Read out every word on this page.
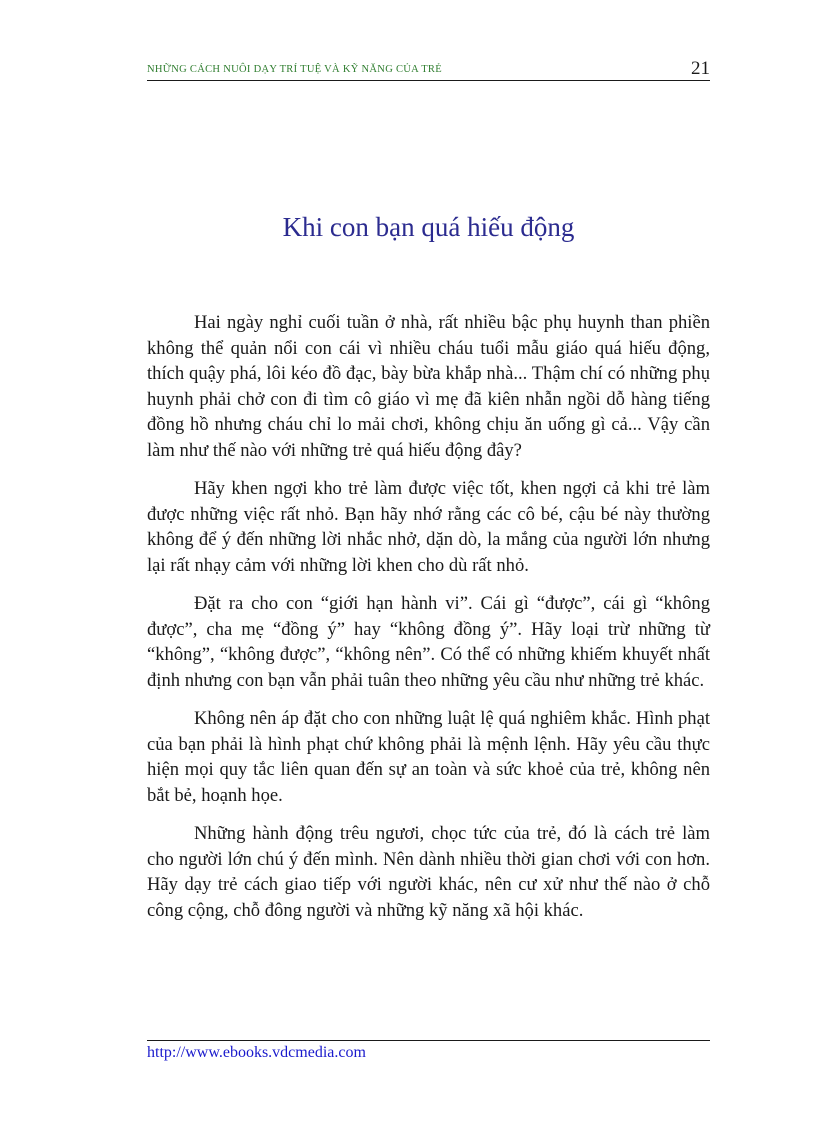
NHỮNG CÁCH NUÔI DẠY TRÍ TUỆ VÀ KỸ NĂNG CỦA TRẺ	21
Khi con bạn quá hiếu động

Hai ngày nghỉ cuối tuần ở nhà, rất nhiều bậc phụ huynh than phiền không thể quản nổi con cái vì nhiều cháu tuổi mẫu giáo quá hiếu động, thích quậy phá, lôi kéo đồ đạc, bày bừa khắp nhà... Thậm chí có những phụ huynh phải chở con đi tìm cô giáo vì mẹ đã kiên nhẫn ngồi dỗ hàng tiếng đồng hồ nhưng cháu chỉ lo mải chơi, không chịu ăn uống gì cả... Vậy cần làm như thế nào với những trẻ quá hiếu động đây?

Hãy khen ngợi kho trẻ làm được việc tốt, khen ngợi cả khi trẻ làm được những việc rất nhỏ. Bạn hãy nhớ rằng các cô bé, cậu bé này thường không để ý đến những lời nhắc nhở, dặn dò, la mắng của người lớn nhưng lại rất nhạy cảm với những lời khen cho dù rất nhỏ.

Đặt ra cho con “giới hạn hành vi”. Cái gì “được”, cái gì “không được”, cha mẹ “đồng ý” hay “không đồng ý”. Hãy loại trừ những từ “không”, “không được”, “không nên”. Có thể có những khiếm khuyết nhất định nhưng con bạn vẫn phải tuân theo những yêu cầu như những trẻ khác.

Không nên áp đặt cho con những luật lệ quá nghiêm khắc. Hình phạt của bạn phải là hình phạt chứ không phải là mệnh lệnh. Hãy yêu cầu thực hiện mọi quy tắc liên quan đến sự an toàn và sức khoẻ của trẻ, không nên bắt bẻ, hoạnh họe.

Những hành động trêu ngươi, chọc tức của trẻ, đó là cách trẻ làm cho người lớn chú ý đến mình. Nên dành nhiều thời gian chơi với con hơn. Hãy dạy trẻ cách giao tiếp với người khác, nên cư xử như thế nào ở chỗ công cộng, chỗ đông người và những kỹ năng xã hội khác.

http://www.ebooks.vdcmedia.com
